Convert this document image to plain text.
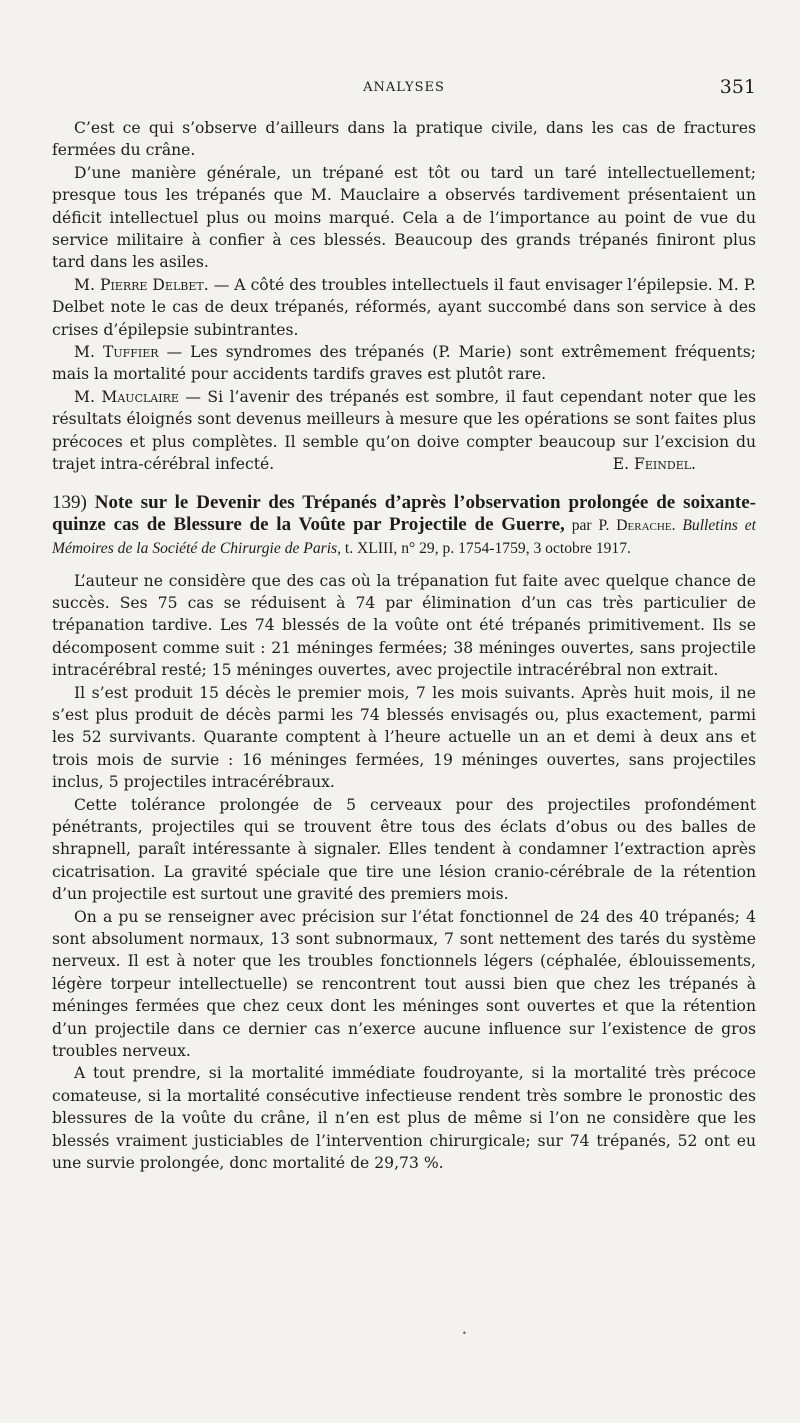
ANALYSES	351

C’est ce qui s’observe d’ailleurs dans la pratique civile, dans les cas de fractures fermées du crâne.

D’une manière générale, un trépané est tôt ou tard un taré intellectuellement; presque tous les trépanés que M. Mauclaire a observés tardivement présentaient un déficit intellectuel plus ou moins marqué. Cela a de l’importance au point de vue du service militaire à confier à ces blessés. Beaucoup des grands trépanés finiront plus tard dans les asiles.

M. Pierre Delbet. — A côté des troubles intellectuels il faut envisager l’épilepsie. M. P. Delbet note le cas de deux trépanés, réformés, ayant succombé dans son service à des crises d’épilepsie subintrantes.

M. Tuffier — Les syndromes des trépanés (P. Marie) sont extrêmement fréquents; mais la mortalité pour accidents tardifs graves est plutôt rare.

M. Mauclaire — Si l’avenir des trépanés est sombre, il faut cependant noter que les résultats éloignés sont devenus meilleurs à mesure que les opérations se sont faites plus précoces et plus complètes. Il semble qu’on doive compter beaucoup sur l’excision du trajet intra-cérébral infecté.	E. Feindel.

139) Note sur le Devenir des Trépanés d’après l’observation prolongée de soixante-quinze cas de Blessure de la Voûte par Projectile de Guerre, par P. Derache. Bulletins et Mémoires de la Société de Chirurgie de Paris, t. XLIII, n° 29, p. 1754-1759, 3 octobre 1917.

L’auteur ne considère que des cas où la trépanation fut faite avec quelque chance de succès. Ses 75 cas se réduisent à 74 par élimination d’un cas très particulier de trépanation tardive. Les 74 blessés de la voûte ont été trépanés primitivement. Ils se décomposent comme suit : 21 méninges fermées; 38 méninges ouvertes, sans projectile intracérébral resté; 15 méninges ouvertes, avec projectile intracérébral non extrait.

Il s’est produit 15 décès le premier mois, 7 les mois suivants. Après huit mois, il ne s’est plus produit de décès parmi les 74 blessés envisagés ou, plus exactement, parmi les 52 survivants. Quarante comptent à l’heure actuelle un an et demi à deux ans et trois mois de survie : 16 méninges fermées, 19 méninges ouvertes, sans projectiles inclus, 5 projectiles intracérébraux.

Cette tolérance prolongée de 5 cerveaux pour des projectiles profondément pénétrants, projectiles qui se trouvent être tous des éclats d’obus ou des balles de shrapnell, paraît intéressante à signaler. Elles tendent à condamner l’extraction après cicatrisation. La gravité spéciale que tire une lésion cranio-cérébrale de la rétention d’un projectile est surtout une gravité des premiers mois.

On a pu se renseigner avec précision sur l’état fonctionnel de 24 des 40 trépanés; 4 sont absolument normaux, 13 sont subnormaux, 7 sont nettement des tarés du système nerveux. Il est à noter que les troubles fonctionnels légers (céphalée, éblouissements, légère torpeur intellectuelle) se rencontrent tout aussi bien que chez les trépanés à méninges fermées que chez ceux dont les méninges sont ouvertes et que la rétention d’un projectile dans ce dernier cas n’exerce aucune influence sur l’existence de gros troubles nerveux.

A tout prendre, si la mortalité immédiate foudroyante, si la mortalité très précoce comateuse, si la mortalité consécutive infectieuse rendent très sombre le pronostic des blessures de la voûte du crâne, il n’en est plus de même si l’on ne considère que les blessés vraiment justiciables de l’intervention chirurgicale; sur 74 trépanés, 52 ont eu une survie prolongée, donc mortalité de 29,73 %.

•
